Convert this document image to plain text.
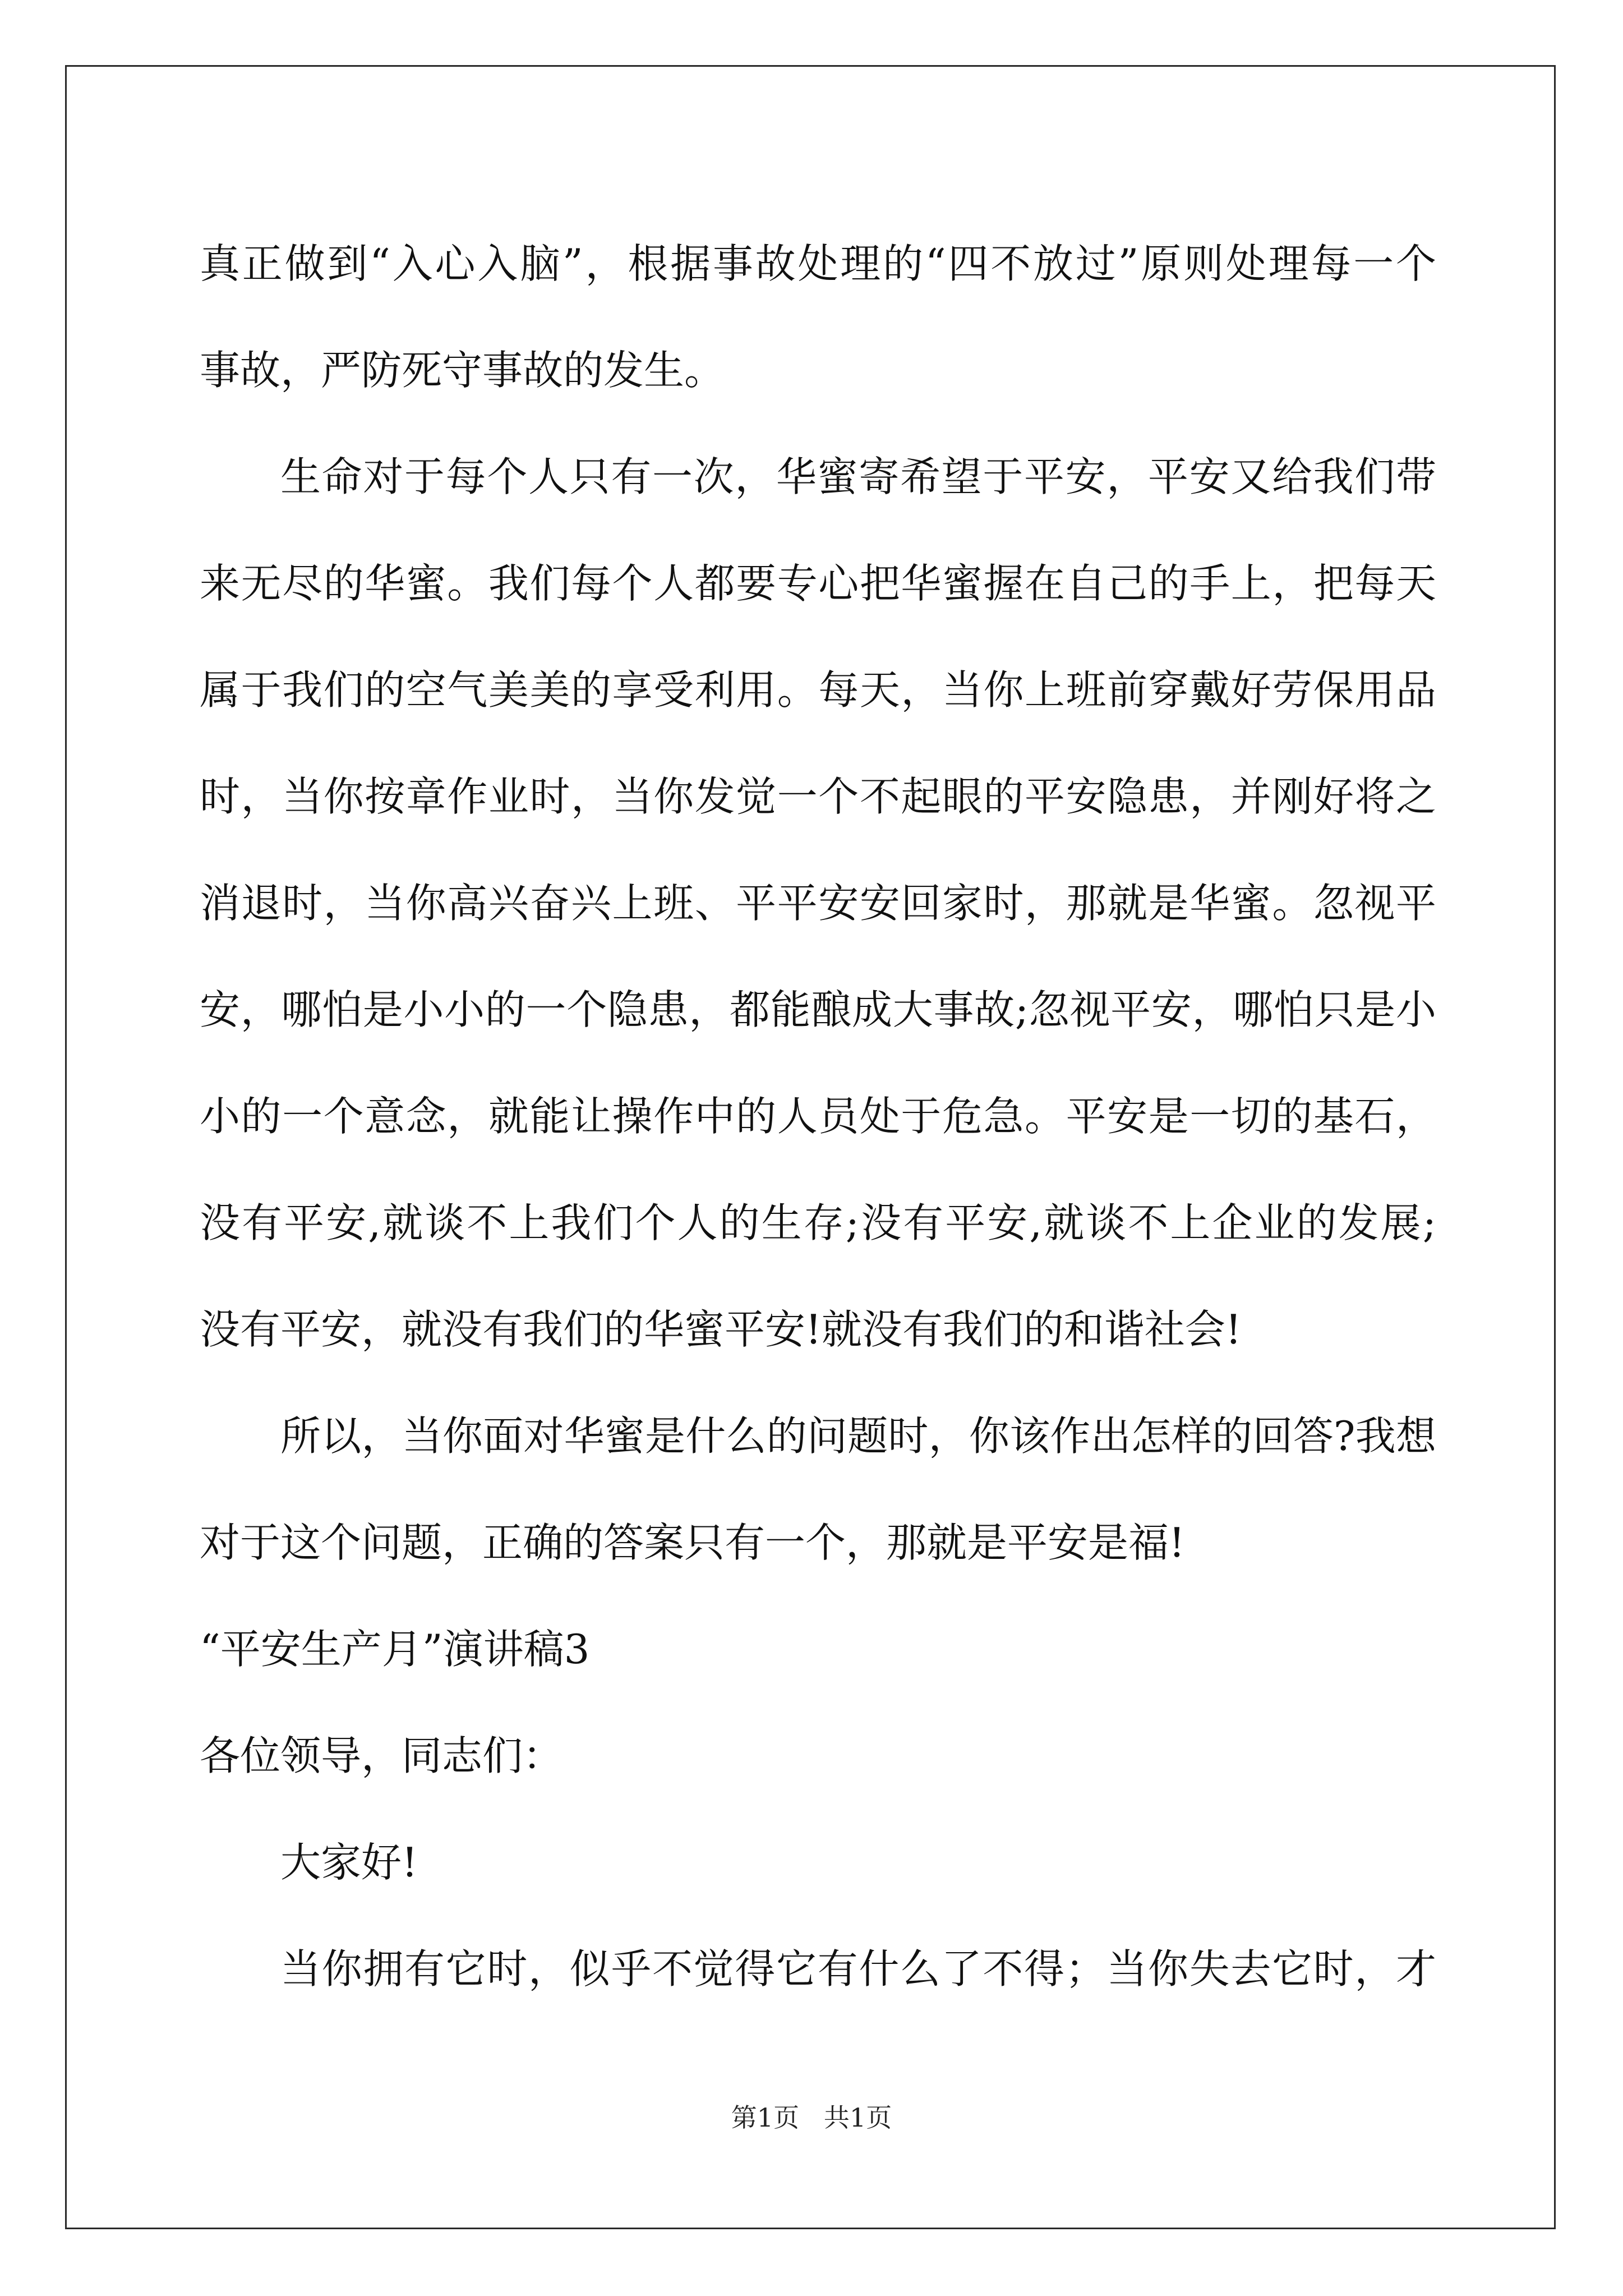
真正做到“入心入脑”，根据事故处理的“四不放过”原则处理每一个
事故，严防死守事故的发生。
生命对于每个人只有一次，华蜜寄希望于平安，平安又给我们带
来无尽的华蜜。我们每个人都要专心把华蜜握在自己的手上，把每天
属于我们的空气美美的享受利用。每天，当你上班前穿戴好劳保用品
时，当你按章作业时，当你发觉一个不起眼的平安隐患，并刚好将之
消退时，当你高兴奋兴上班、平平安安回家时，那就是华蜜。忽视平
安，哪怕是小小的一个隐患，都能酿成大事故;忽视平安，哪怕只是小
小的一个意念，就能让操作中的人员处于危急。平安是一切的基石，
没有平安,就谈不上我们个人的生存;没有平安,就谈不上企业的发展;
没有平安，就没有我们的华蜜平安!就没有我们的和谐社会!
所以，当你面对华蜜是什么的问题时，你该作出怎样的回答?我想
对于这个问题，正确的答案只有一个，那就是平安是福!
“平安生产月”演讲稿3
各位领导，同志们：
大家好!
当你拥有它时，似乎不觉得它有什么了不得；当你失去它时，才
第1页   共1页
